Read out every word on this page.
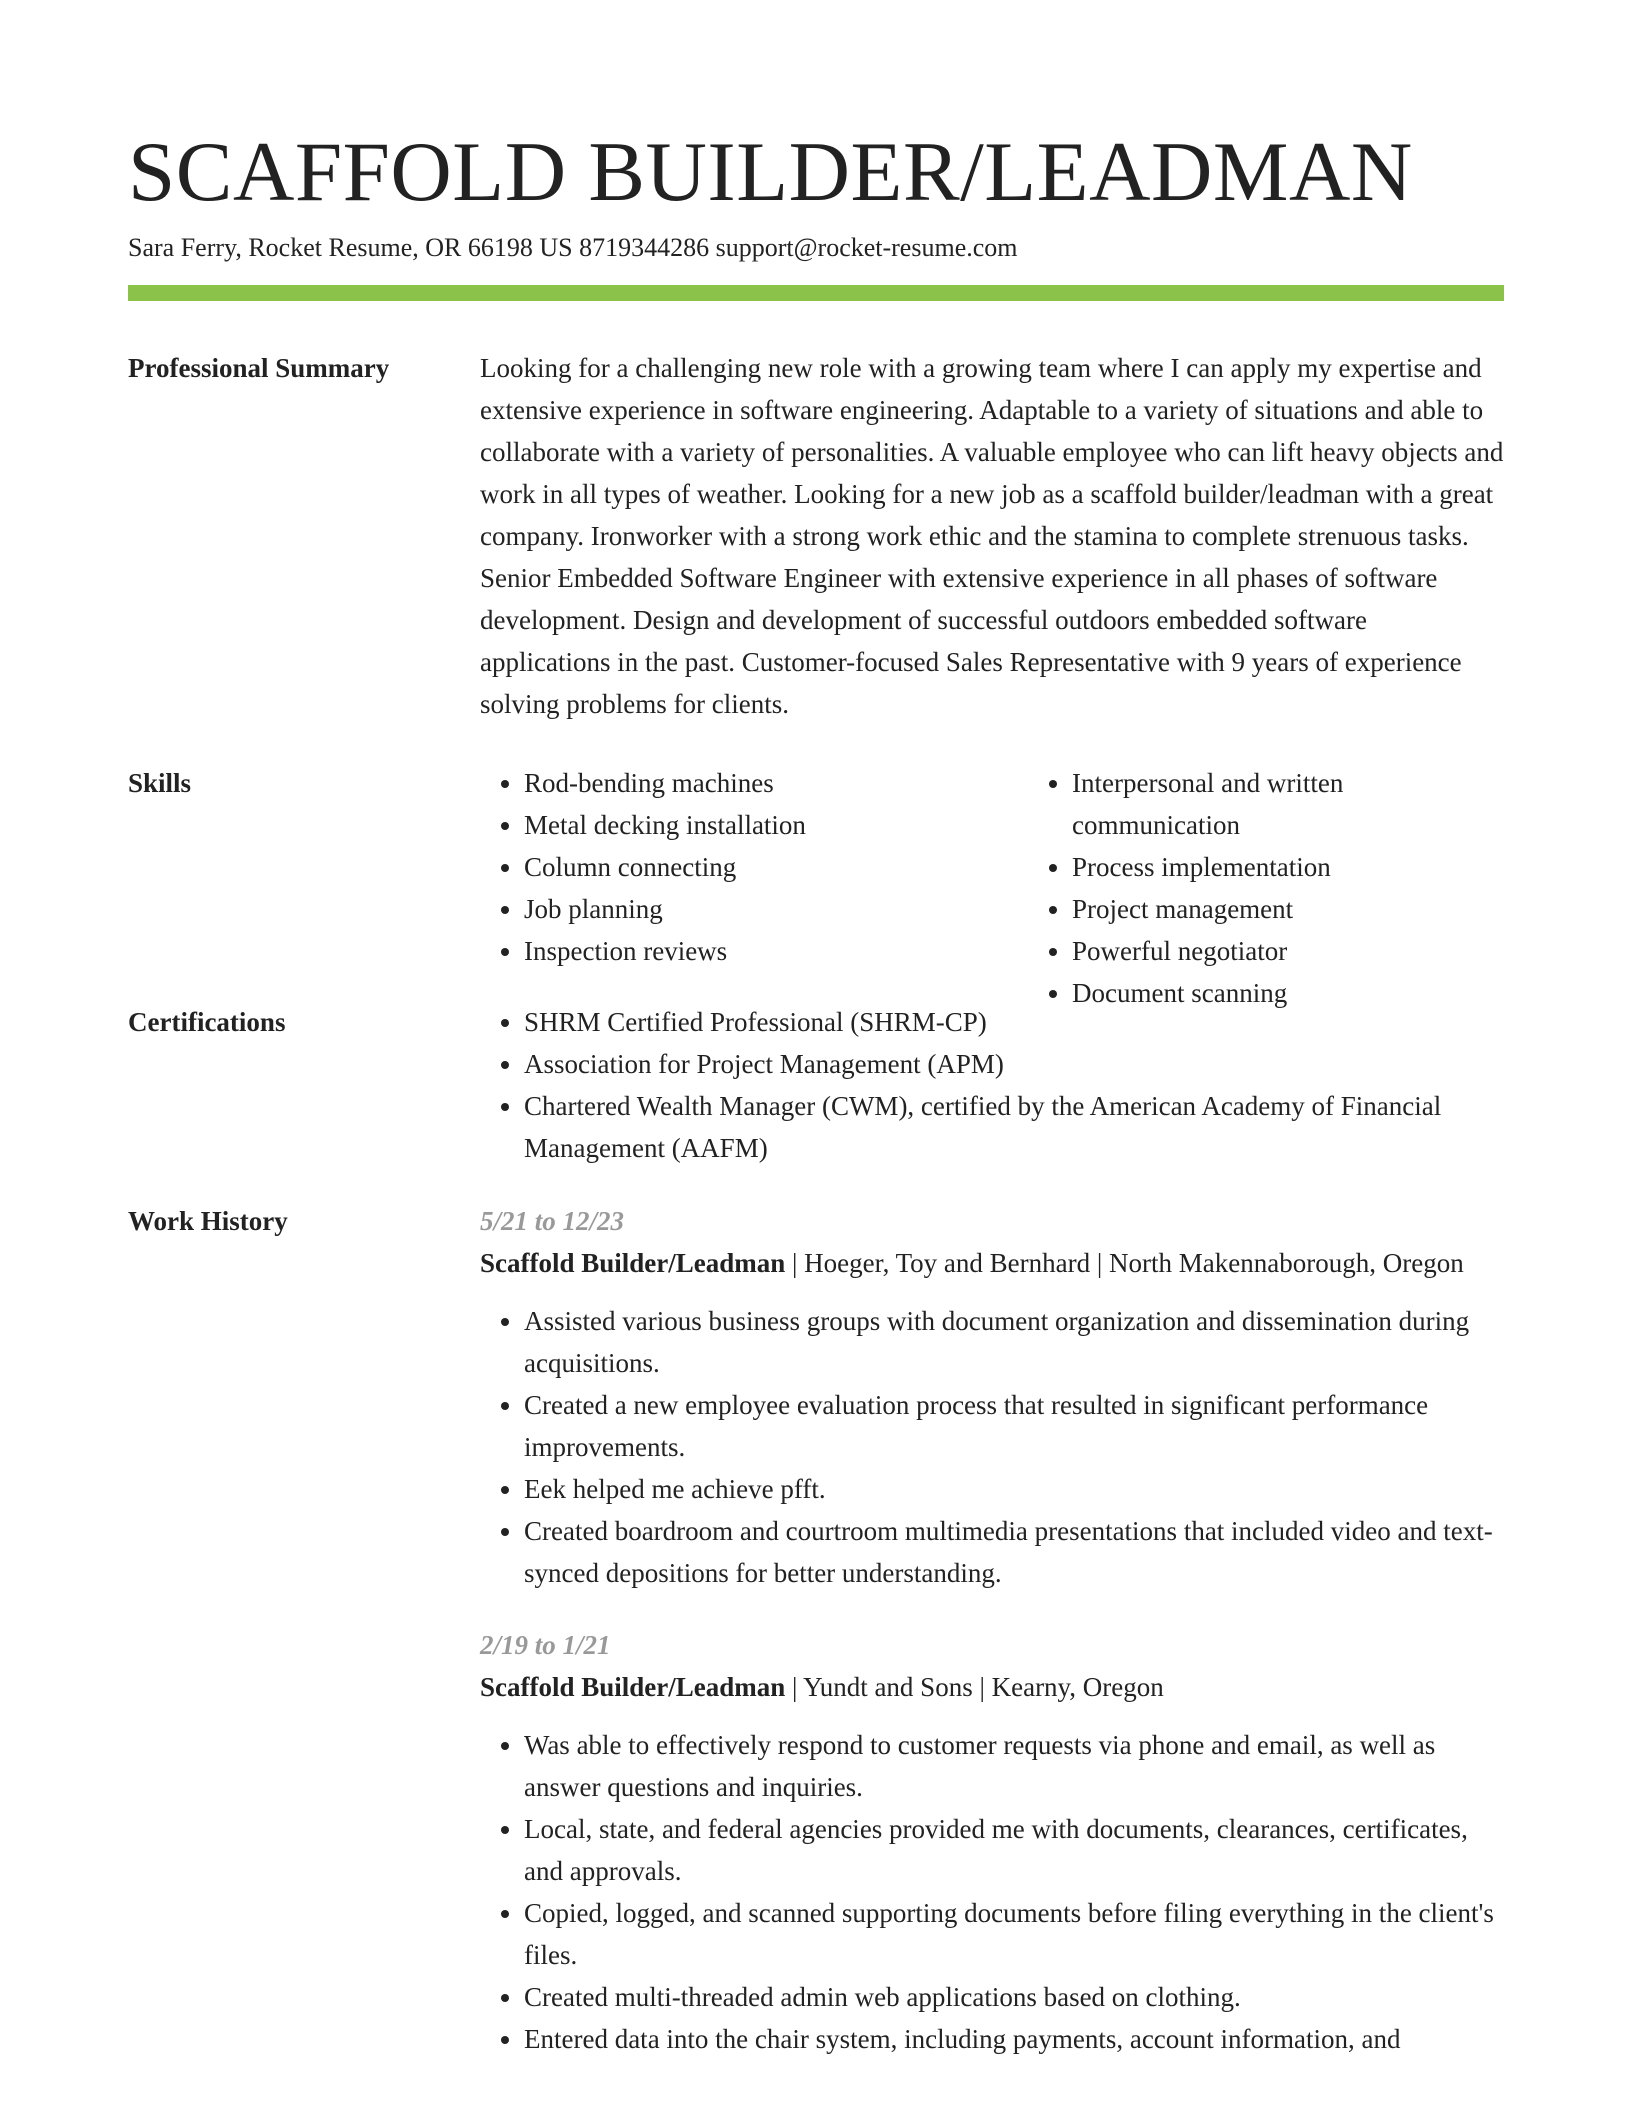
SCAFFOLD BUILDER/LEADMAN
Sara Ferry, Rocket Resume, OR 66198 US 8719344286 support@rocket-resume.com
Professional Summary	Looking for a challenging new role with a growing team where I can apply my expertise and extensive experience in software engineering. Adaptable to a variety of situations and able to collaborate with a variety of personalities. A valuable employee who can lift heavy objects and work in all types of weather. Looking for a new job as a scaffold builder/leadman with a great company. Ironworker with a strong work ethic and the stamina to complete strenuous tasks. Senior Embedded Software Engineer with extensive experience in all phases of software development. Design and development of successful outdoors embedded software applications in the past. Customer-focused Sales Representative with 9 years of experience solving problems for clients.

Skills	• Rod-bending machines
• Metal decking installation
• Column connecting
• Job planning
• Inspection reviews
• Interpersonal and written communication
• Process implementation
• Project management
• Powerful negotiator
• Document scanning
Certifications	• SHRM Certified Professional (SHRM-CP)
• Association for Project Management (APM)
• Chartered Wealth Manager (CWM), certified by the American Academy of Financial Management (AAFM)
Work History	5/21 to 12/23
Scaffold Builder/Leadman | Hoeger, Toy and Bernhard | North Makennaborough, Oregon
• Assisted various business groups with document organization and dissemination during acquisitions.
• Created a new employee evaluation process that resulted in significant performance improvements.
• Eek helped me achieve pfft.
• Created boardroom and courtroom multimedia presentations that included video and text-synced depositions for better understanding.
2/19 to 1/21
Scaffold Builder/Leadman | Yundt and Sons | Kearny, Oregon
• Was able to effectively respond to customer requests via phone and email, as well as answer questions and inquiries.
• Local, state, and federal agencies provided me with documents, clearances, certificates, and approvals.
• Copied, logged, and scanned supporting documents before filing everything in the client's files.
• Created multi-threaded admin web applications based on clothing.
• Entered data into the chair system, including payments, account information, and
